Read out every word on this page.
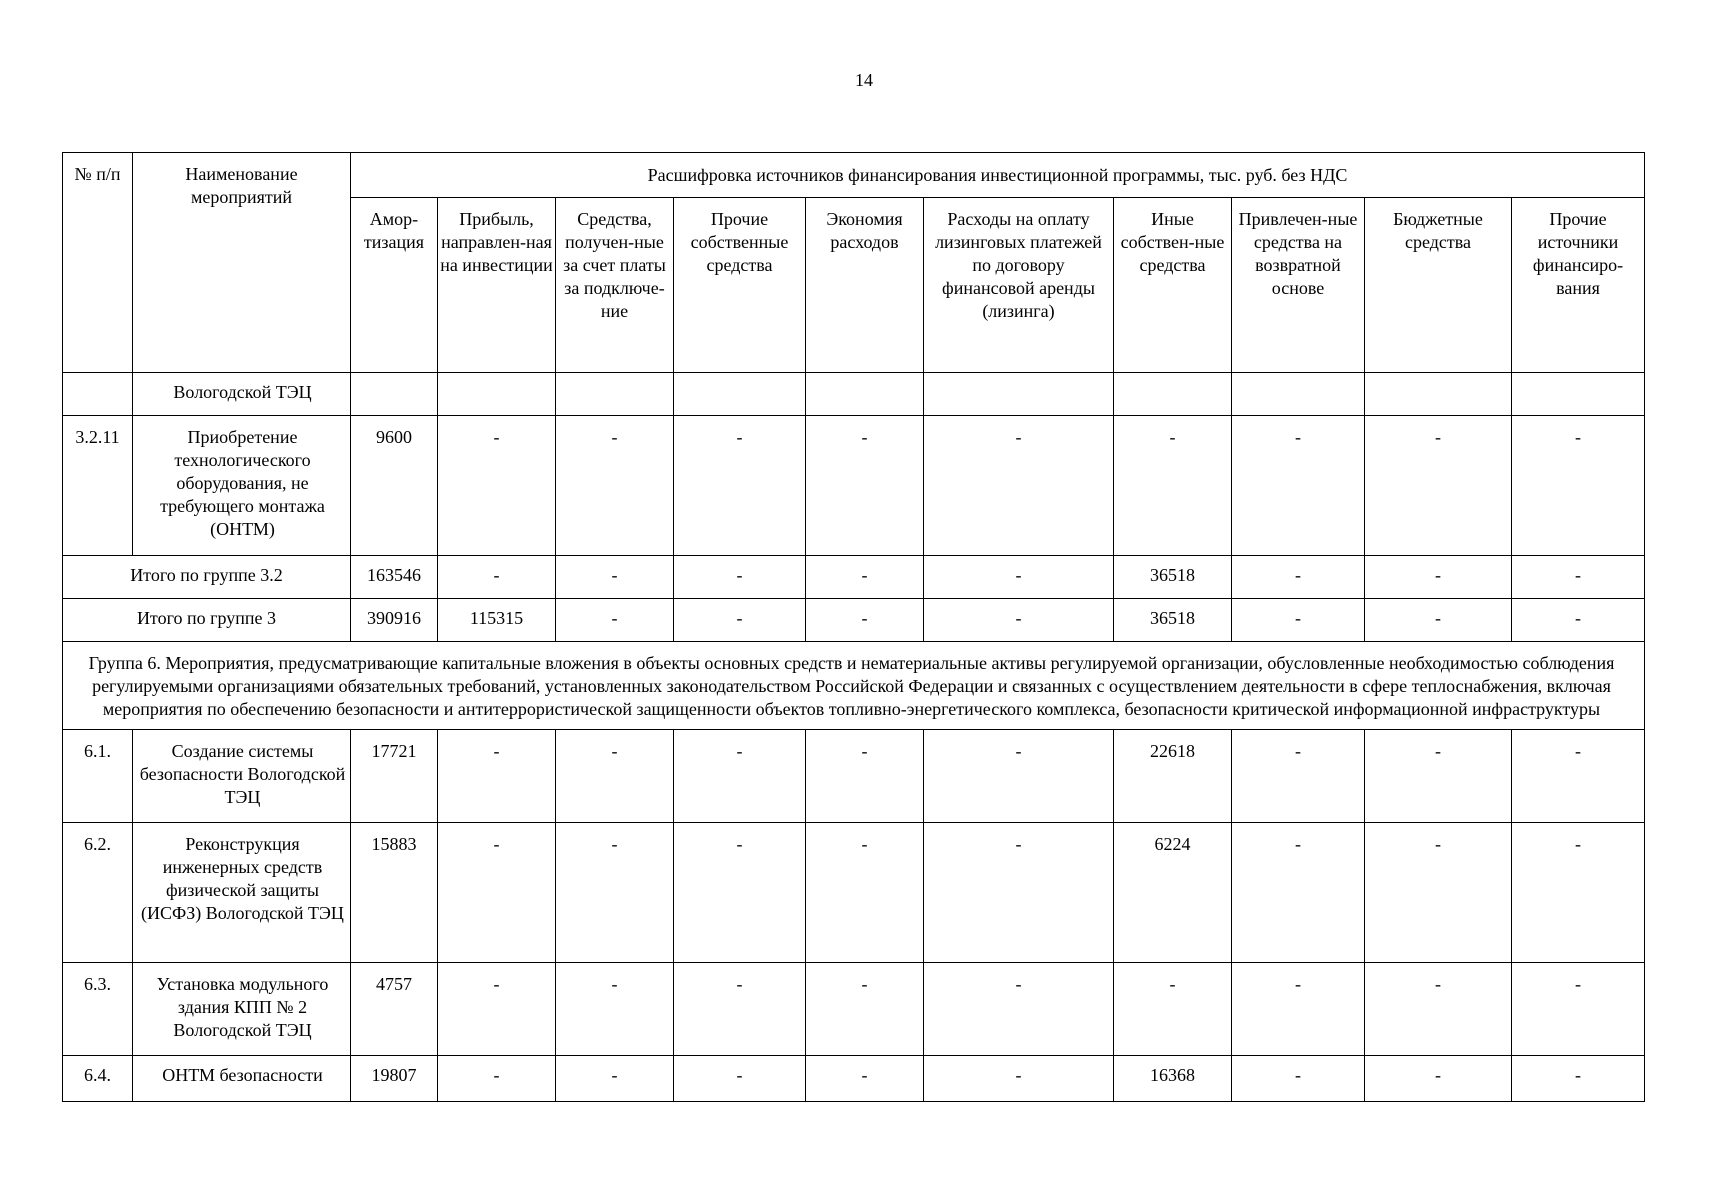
14
№ п/п	Наименование мероприятий	Расшифровка источников финансирования инвестиционной программы, тыс. руб. без НДС									
		Амор-тизация	Прибыль, направлен-ная на инвестиции	Средства, получен-ные за счет платы за подключе-ние	Прочие собственные средства	Экономия расходов	Расходы на оплату лизинговых платежей по договору финансовой аренды (лизинга)	Иные собствен-ные средства	Привлечен-ные средства на возвратной основе	Бюджетные средства	Прочие источники финансиро-вания
	Вологодской ТЭЦ										
3.2.11	Приобретение технологического оборудования, не требующего монтажа (ОНТМ)	9600	-	-	-	-	-	-	-	-	-
Итого по группе 3.2		163546	-	-	-	-	-	36518	-	-	-
Итого по группе 3		390916	115315	-	-	-	-	36518	-	-	-
Группа 6. Мероприятия, предусматривающие капитальные вложения в объекты основных средств и нематериальные активы регулируемой организации, обусловленные необходимостью соблюдения регулируемыми организациями обязательных требований, установленных законодательством Российской Федерации и связанных с осуществлением деятельности в сфере теплоснабжения, включая мероприятия по обеспечению безопасности и антитеррористической защищенности объектов топливно-энергетического комплекса, безопасности критической информационной инфраструктуры											
6.1.	Создание системы безопасности Вологодской ТЭЦ	17721	-	-	-	-	-	22618	-	-	-
6.2.	Реконструкция инженерных средств физической защиты (ИСФЗ) Вологодской ТЭЦ	15883	-	-	-	-	-	6224	-	-	-
6.3.	Установка модульного здания КПП № 2 Вологодской ТЭЦ	4757	-	-	-	-	-	-	-	-	-
6.4.	ОНТМ безопасности	19807	-	-	-	-	-	16368	-	-	-
